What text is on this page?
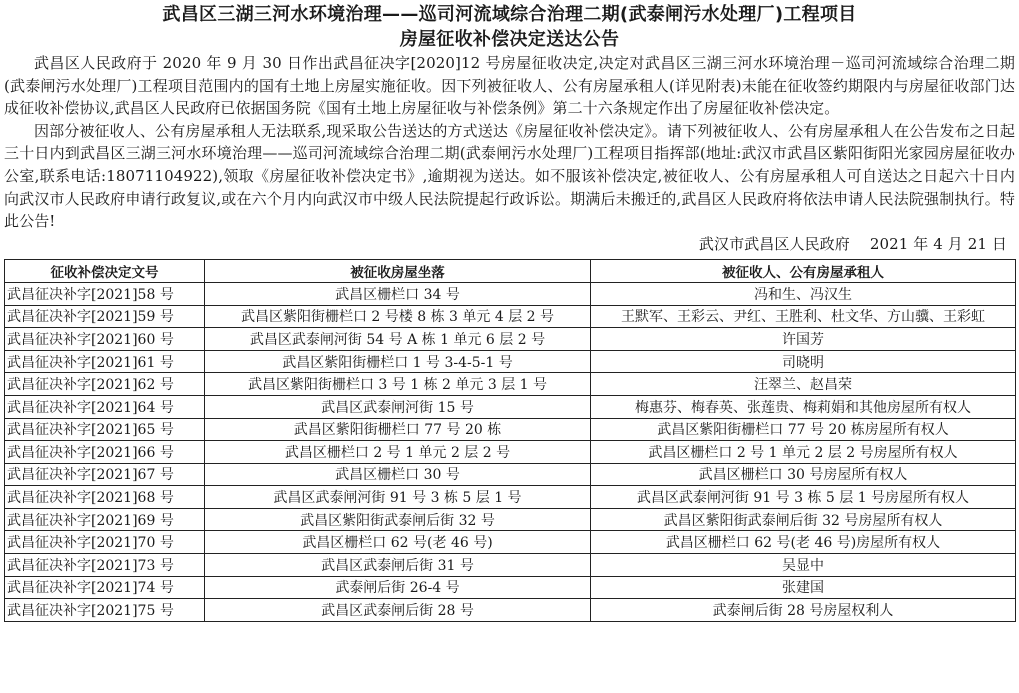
武昌区三湖三河水环境治理——巡司河流域综合治理二期(武泰闸污水处理厂)工程项目
房屋征收补偿决定送达公告

武昌区人民政府于 2020 年 9 月 30 日作出武昌征决字[2020]12 号房屋征收决定,决定对武昌区三湖三河水环境治理－巡司河流域综合治理二期(武泰闸污水处理厂)工程项目范围内的国有土地上房屋实施征收。因下列被征收人、公有房屋承租人(详见附表)未能在征收签约期限内与房屋征收部门达成征收补偿协议,武昌区人民政府已依据国务院《国有土地上房屋征收与补偿条例》第二十六条规定作出了房屋征收补偿决定。

因部分被征收人、公有房屋承租人无法联系,现采取公告送达的方式送达《房屋征收补偿决定》。请下列被征收人、公有房屋承租人在公告发布之日起三十日内到武昌区三湖三河水环境治理——巡司河流域综合治理二期(武泰闸污水处理厂)工程项目指挥部(地址:武汉市武昌区紫阳街阳光家园房屋征收办公室,联系电话:18071104922),领取《房屋征收补偿决定书》,逾期视为送达。如不服该补偿决定,被征收人、公有房屋承租人可自送达之日起六十日内向武汉市人民政府申请行政复议,或在六个月内向武汉市中级人民法院提起行政诉讼。期满后未搬迁的,武昌区人民政府将依法申请人民法院强制执行。特此公告!

武汉市武昌区人民政府　 2021 年 4 月 21 日

征收补偿决定文号	被征收房屋坐落	被征收人、公有房屋承租人
武昌征决补字[2021]58 号	武昌区栅栏口 34 号	冯和生、冯汉生
武昌征决补字[2021]59 号	武昌区紫阳街栅栏口 2 号楼 8 栋 3 单元 4 层 2 号	王默军、王彩云、尹红、王胜利、杜文华、方山骥、王彩虹
武昌征决补字[2021]60 号	武昌区武泰闸河街 54 号 A 栋 1 单元 6 层 2 号	许国芳
武昌征决补字[2021]61 号	武昌区紫阳街栅栏口 1 号 3-4-5-1 号	司晓明
武昌征决补字[2021]62 号	武昌区紫阳街栅栏口 3 号 1 栋 2 单元 3 层 1 号	汪翠兰、赵昌荣
武昌征决补字[2021]64 号	武昌区武泰闸河街 15 号	梅惠芬、梅春英、张莲贵、梅莉娟和其他房屋所有权人
武昌征决补字[2021]65 号	武昌区紫阳街栅栏口 77 号 20 栋	武昌区紫阳街栅栏口 77 号 20 栋房屋所有权人
武昌征决补字[2021]66 号	武昌区栅栏口 2 号 1 单元 2 层 2 号	武昌区栅栏口 2 号 1 单元 2 层 2 号房屋所有权人
武昌征决补字[2021]67 号	武昌区栅栏口 30 号	武昌区栅栏口 30 号房屋所有权人
武昌征决补字[2021]68 号	武昌区武泰闸河街 91 号 3 栋 5 层 1 号	武昌区武泰闸河街 91 号 3 栋 5 层 1 号房屋所有权人
武昌征决补字[2021]69 号	武昌区紫阳街武泰闸后街 32 号	武昌区紫阳街武泰闸后街 32 号房屋所有权人
武昌征决补字[2021]70 号	武昌区栅栏口 62 号(老 46 号)	武昌区栅栏口 62 号(老 46 号)房屋所有权人
武昌征决补字[2021]73 号	武昌区武泰闸后街 31 号	吴显中
武昌征决补字[2021]74 号	武泰闸后街 26-4 号	张建国
武昌征决补字[2021]75 号	武昌区武泰闸后街 28 号	武泰闸后街 28 号房屋权利人
